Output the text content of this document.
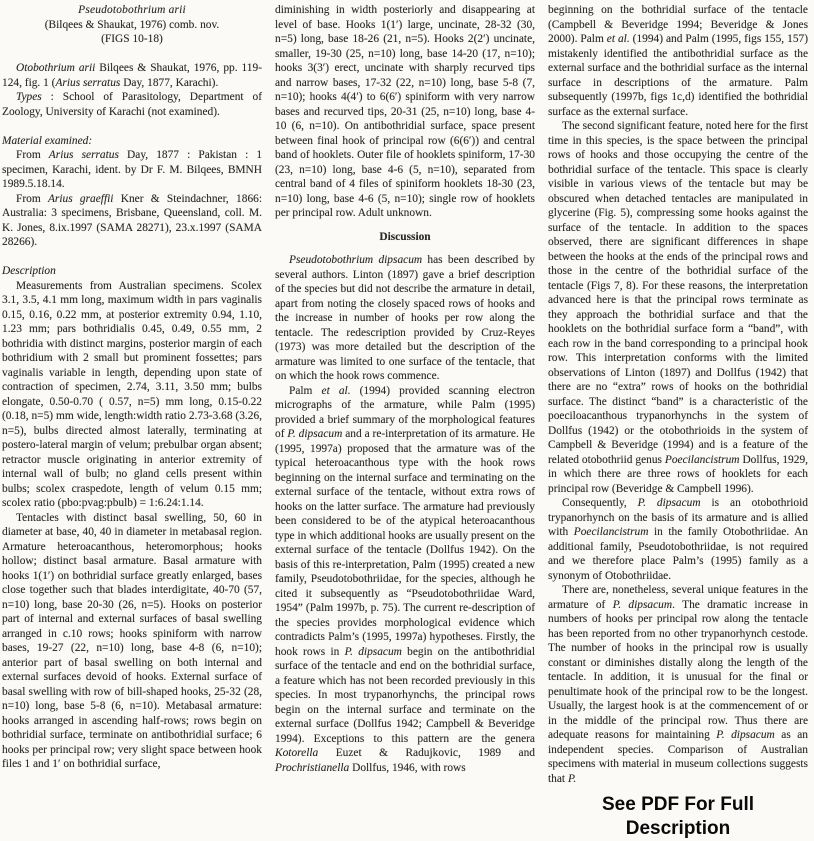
Pseudotobothrium arii
(Bilqees & Shaukat, 1976) comb. nov.
(FIGS 10-18)
Otobothrium arii Bilqees & Shaukat, 1976, pp. 119-124, fig. 1 (Arius serratus Day, 1877, Karachi).
Types : School of Parasitology, Department of Zoology, University of Karachi (not examined).
Material examined:
From Arius serratus Day, 1877 : Pakistan : 1 specimen, Karachi, ident. by Dr F. M. Bilqees, BMNH 1989.5.18.14.
From Arius graeffii Kner & Steindachner, 1866: Australia: 3 specimens, Brisbane, Queensland, coll. M. K. Jones, 8.ix.1997 (SAMA 28271), 23.x.1997 (SAMA 28266).
Description
Measurements from Australian specimens. Scolex 3.1, 3.5, 4.1 mm long, maximum width in pars vaginalis 0.15, 0.16, 0.22 mm, at posterior extremity 0.94, 1.10, 1.23 mm; pars bothridialis 0.45, 0.49, 0.55 mm, 2 bothridia with distinct margins, posterior margin of each bothridium with 2 small but prominent fossettes; pars vaginalis variable in length, depending upon state of contraction of specimen, 2.74, 3.11, 3.50 mm; bulbs elongate, 0.50-0.70 ( 0.57, n=5) mm long, 0.15-0.22 (0.18, n=5) mm wide, length:width ratio 2.73-3.68 (3.26, n=5), bulbs directed almost laterally, terminating at postero-lateral margin of velum; prebulbar organ absent; retractor muscle originating in anterior extremity of internal wall of bulb; no gland cells present within bulbs; scolex craspedote, length of velum 0.15 mm; scolex ratio (pbo:pvag:pbulb) = 1:6.24:1.14.
Tentacles with distinct basal swelling, 50, 60 in diameter at base, 40, 40 in diameter in metabasal region. Armature heteroacanthous, heteromorphous; hooks hollow; distinct basal armature. Basal armature with hooks 1(1′) on bothridial surface greatly enlarged, bases close together such that blades interdigitate, 40-70 (57, n=10) long, base 20-30 (26, n=5). Hooks on posterior part of internal and external surfaces of basal swelling arranged in c.10 rows; hooks spiniform with narrow bases, 19-27 (22, n=10) long, base 4-8 (6, n=10); anterior part of basal swelling on both internal and external surfaces devoid of hooks. External surface of basal swelling with row of bill-shaped hooks, 25-32 (28, n=10) long, base 5-8 (6, n=10). Metabasal armature: hooks arranged in ascending half-rows; rows begin on bothridial surface, terminate on antibothridial surface; 6 hooks per principal row; very slight space between hook files 1 and 1′ on bothridial surface,
diminishing in width posteriorly and disappearing at level of base. Hooks 1(1′) large, uncinate, 28-32 (30, n=5) long, base 18-26 (21, n=5). Hooks 2(2′) uncinate, smaller, 19-30 (25, n=10) long, base 14-20 (17, n=10); hooks 3(3′) erect, uncinate with sharply recurved tips and narrow bases, 17-32 (22, n=10) long, base 5-8 (7, n=10); hooks 4(4′) to 6(6′) spiniform with very narrow bases and recurved tips, 20-31 (25, n=10) long, base 4-10 (6, n=10). On antibothridial surface, space present between final hook of principal row (6(6′)) and central band of hooklets. Outer file of hooklets spiniform, 17-30 (23, n=10) long, base 4-6 (5, n=10), separated from central band of 4 files of spiniform hooklets 18-30 (23, n=10) long, base 4-6 (5, n=10); single row of hooklets per principal row. Adult unknown.
Discussion
Pseudotobothrium dipsacum has been described by several authors. Linton (1897) gave a brief description of the species but did not describe the armature in detail, apart from noting the closely spaced rows of hooks and the increase in number of hooks per row along the tentacle. The redescription provided by Cruz-Reyes (1973) was more detailed but the description of the armature was limited to one surface of the tentacle, that on which the hook rows commence.
Palm et al. (1994) provided scanning electron micrographs of the armature, while Palm (1995) provided a brief summary of the morphological features of P. dipsacum and a re-interpretation of its armature. He (1995, 1997a) proposed that the armature was of the typical heteroacanthous type with the hook rows beginning on the internal surface and terminating on the external surface of the tentacle, without extra rows of hooks on the latter surface. The armature had previously been considered to be of the atypical heteroacanthous type in which additional hooks are usually present on the external surface of the tentacle (Dollfus 1942). On the basis of this re-interpretation, Palm (1995) created a new family, Pseudotobothriidae, for the species, although he cited it subsequently as “Pseudotobothriidae Ward, 1954” (Palm 1997b, p. 75). The current re-description of the species provides morphological evidence which contradicts Palm’s (1995, 1997a) hypotheses. Firstly, the hook rows in P. dipsacum begin on the antibothridial surface of the tentacle and end on the bothridial surface, a feature which has not been recorded previously in this species. In most trypanorhynchs, the principal rows begin on the internal surface and terminate on the external surface (Dollfus 1942; Campbell & Beveridge 1994). Exceptions to this pattern are the genera Kotorella Euzet & Radujkovic, 1989 and Prochristianella Dollfus, 1946, with rows
beginning on the bothridial surface of the tentacle (Campbell & Beveridge 1994; Beveridge & Jones 2000). Palm et al. (1994) and Palm (1995, figs 155, 157) mistakenly identified the antibothridial surface as the external surface and the bothridial surface as the internal surface in descriptions of the armature. Palm subsequently (1997b, figs 1c,d) identified the bothridial surface as the external surface.
The second significant feature, noted here for the first time in this species, is the space between the principal rows of hooks and those occupying the centre of the bothridial surface of the tentacle. This space is clearly visible in various views of the tentacle but may be obscured when detached tentacles are manipulated in glycerine (Fig. 5), compressing some hooks against the surface of the tentacle. In addition to the spaces observed, there are significant differences in shape between the hooks at the ends of the principal rows and those in the centre of the bothridial surface of the tentacle (Figs 7, 8). For these reasons, the interpretation advanced here is that the principal rows terminate as they approach the bothridial surface and that the hooklets on the bothridial surface form a “band”, with each row in the band corresponding to a principal hook row. This interpretation conforms with the limited observations of Linton (1897) and Dollfus (1942) that there are no “extra” rows of hooks on the bothridial surface. The distinct “band” is a characteristic of the poeciloacanthous trypanorhynchs in the system of Dollfus (1942) or the otobothrioids in the system of Campbell & Beveridge (1994) and is a feature of the related otobothriid genus Poecilancistrum Dollfus, 1929, in which there are three rows of hooklets for each principal row (Beveridge & Campbell 1996).
Consequently, P. dipsacum is an otobothrioid trypanorhynch on the basis of its armature and is allied with Poecilancistrum in the family Otobothriidae. An additional family, Pseudotobothriidae, is not required and we therefore place Palm’s (1995) family as a synonym of Otobothriidae.
There are, nonetheless, several unique features in the armature of P. dipsacum. The dramatic increase in numbers of hooks per principal row along the tentacle has been reported from no other trypanorhynch cestode. The number of hooks in the principal row is usually constant or diminishes distally along the length of the tentacle. In addition, it is unusual for the final or penultimate hook of the principal row to be the longest. Usually, the largest hook is at the commencement of or in the middle of the principal row. Thus there are adequate reasons for maintaining P. dipsacum as an independent species. Comparison of Australian specimens with material in museum collections suggests that P.
See PDF For Full Description
